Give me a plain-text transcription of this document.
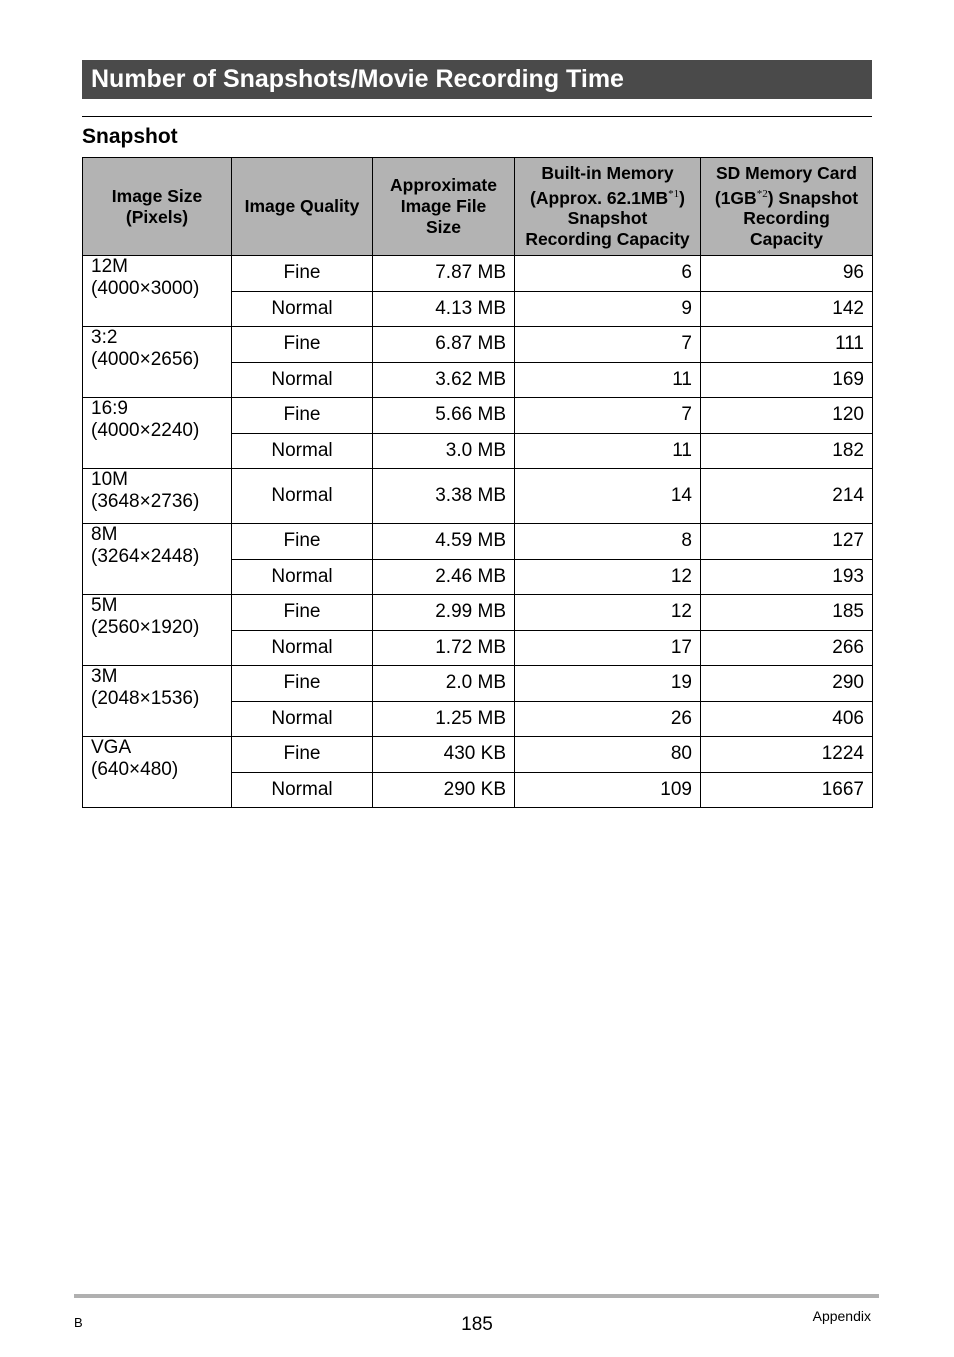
Number of Snapshots/Movie Recording Time
Snapshot
Image Size
(Pixels)	Image Quality	Approximate
Image File
Size	Built-in Memory
(Approx. 62.1MB$^{*1}$)
Snapshot
Recording Capacity	SD Memory Card
(1GB$^{*2}$) Snapshot
Recording
Capacity
12M
(4000×3000)	Fine	7.87 MB	6	96
	Normal	4.13 MB	9	142
3:2
(4000×2656)	Fine	6.87 MB	7	111
	Normal	3.62 MB	11	169
16:9
(4000×2240)	Fine	5.66 MB	7	120
	Normal	3.0 MB	11	182
10M
(3648×2736)	Normal	3.38 MB	14	214
8M
(3264×2448)	Fine	4.59 MB	8	127
	Normal	2.46 MB	12	193
5M
(2560×1920)	Fine	2.99 MB	12	185
	Normal	1.72 MB	17	266
3M
(2048×1536)	Fine	2.0 MB	19	290
	Normal	1.25 MB	26	406
VGA
(640×480)	Fine	430 KB	80	1224
	Normal	290 KB	109	1667
B	185	Appendix
